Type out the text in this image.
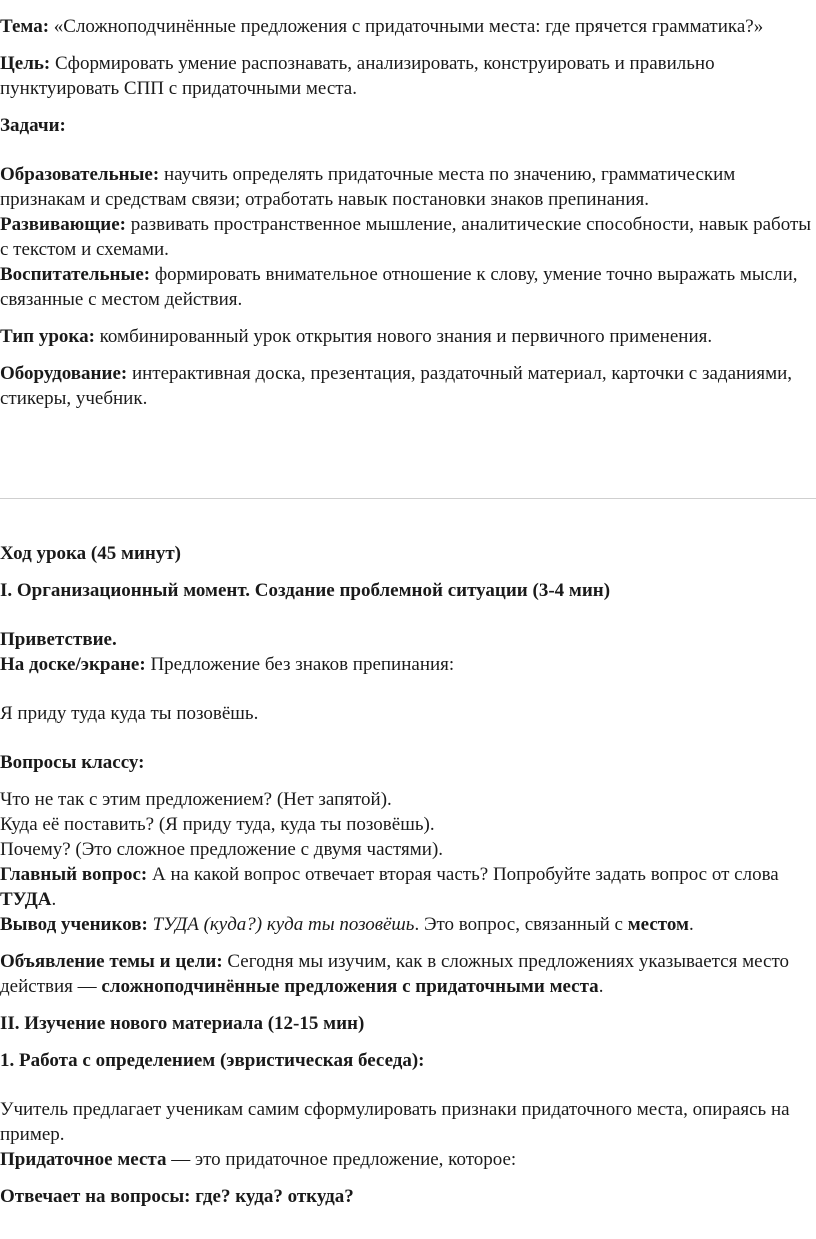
Тема: «Сложноподчинённые предложения с придаточными места: где прячется грамматика?»

Цель: Сформировать умение распознавать, анализировать, конструировать и правильно пунктуировать СПП с придаточными места.

Задачи:

Образовательные: научить определять придаточные места по значению, грамматическим признакам и средствам связи; отработать навык постановки знаков препинания.

Развивающие: развивать пространственное мышление, аналитические способности, навык работы с текстом и схемами.

Воспитательные: формировать внимательное отношение к слову, умение точно выражать мысли, связанные с местом действия.

Тип урока: комбинированный урок открытия нового знания и первичного применения.

Оборудование: интерактивная доска, презентация, раздаточный материал, карточки с заданиями, стикеры, учебник.

Ход урока (45 минут)

I. Организационный момент. Создание проблемной ситуации (3-4 мин)

Приветствие.

На доске/экране: Предложение без знаков препинания:

Я приду туда куда ты позовёшь.

Вопросы классу:

Что не так с этим предложением? (Нет запятой).

Куда её поставить? (Я приду туда, куда ты позовёшь).

Почему? (Это сложное предложение с двумя частями).

Главный вопрос: А на какой вопрос отвечает вторая часть? Попробуйте задать вопрос от слова ТУДА.

Вывод учеников: ТУДА (куда?) куда ты позовёшь. Это вопрос, связанный с местом.

Объявление темы и цели: Сегодня мы изучим, как в сложных предложениях указывается место действия — сложноподчинённые предложения с придаточными места.

II. Изучение нового материала (12-15 мин)

1. Работа с определением (эвристическая беседа):

Учитель предлагает ученикам самим сформулировать признаки придаточного места, опираясь на пример.

Придаточное места — это придаточное предложение, которое:

Отвечает на вопросы: где? куда? откуда?
